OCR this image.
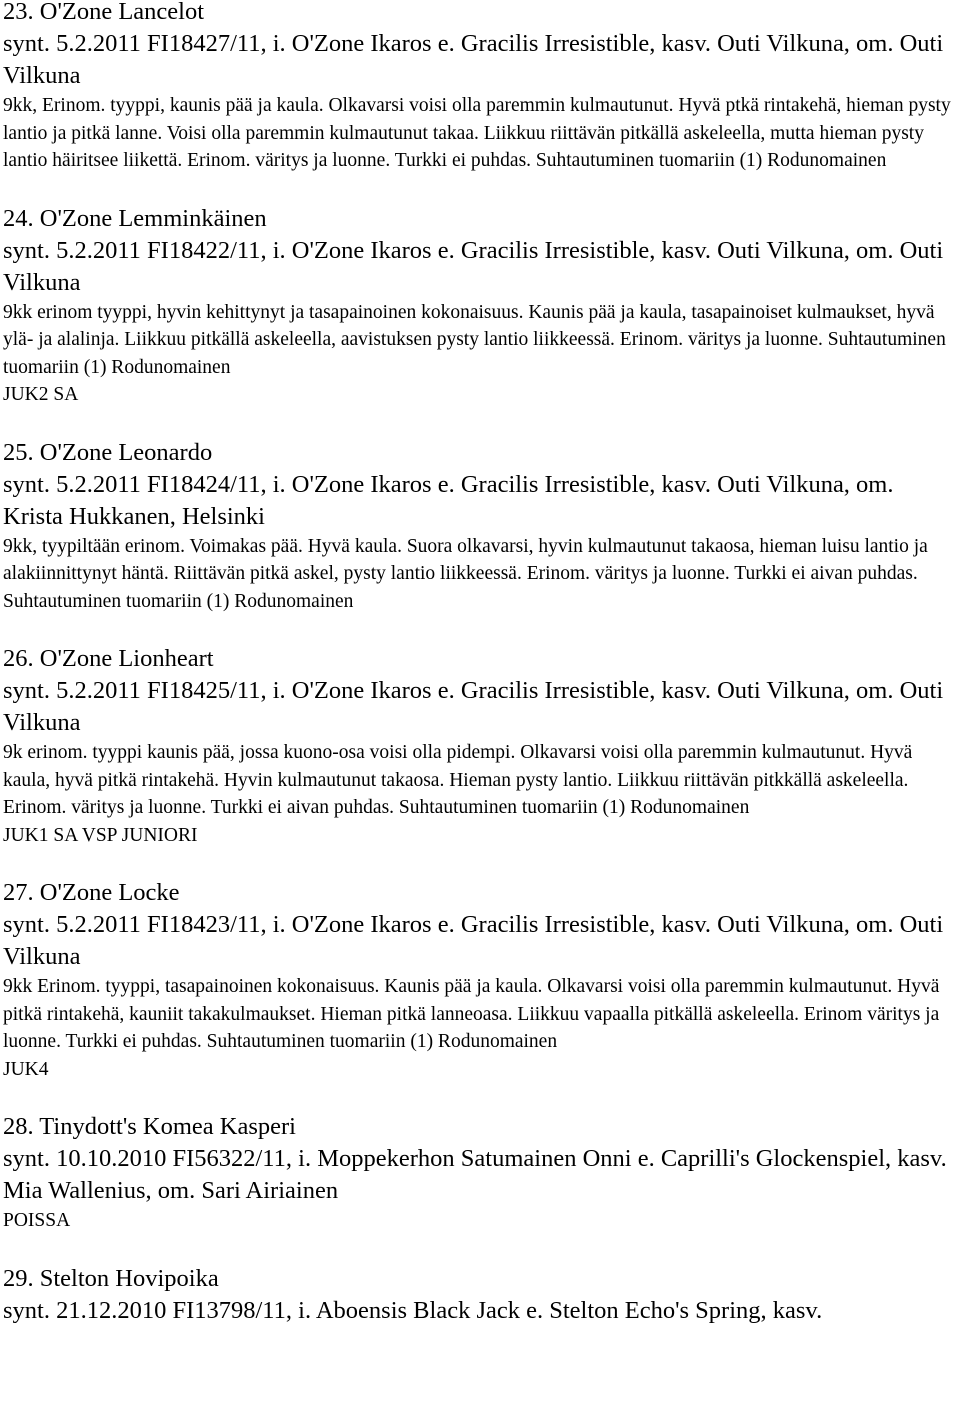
23. O'Zone Lancelot

synt. 5.2.2011 FI18427/11, i. O'Zone Ikaros e. Gracilis Irresistible, kasv. Outi Vilkuna, om. Outi Vilkuna

9kk, Erinom. tyyppi, kaunis pää ja kaula. Olkavarsi voisi olla paremmin kulmautunut. Hyvä ptkä rintakehä, hieman pysty lantio ja pitkä lanne. Voisi olla paremmin kulmautunut takaa. Liikkuu riittävän pitkällä askeleella, mutta hieman pysty lantio häiritsee liikettä. Erinom. väritys ja luonne. Turkki ei puhdas. Suhtautuminen tuomariin (1) Rodunomainen

24. O'Zone Lemminkäinen

synt. 5.2.2011 FI18422/11, i. O'Zone Ikaros e. Gracilis Irresistible, kasv. Outi Vilkuna, om. Outi Vilkuna

9kk erinom tyyppi, hyvin kehittynyt ja tasapainoinen kokonaisuus. Kaunis pää ja kaula, tasapainoiset kulmaukset, hyvä ylä- ja alalinja. Liikkuu pitkällä askeleella, aavistuksen pysty lantio liikkeessä. Erinom. väritys ja luonne. Suhtautuminen tuomariin (1) Rodunomainen

JUK2 SA

25. O'Zone Leonardo

synt. 5.2.2011 FI18424/11, i. O'Zone Ikaros e. Gracilis Irresistible, kasv. Outi Vilkuna, om. Krista Hukkanen, Helsinki

9kk, tyypiltään erinom. Voimakas pää. Hyvä kaula. Suora olkavarsi, hyvin kulmautunut takaosa, hieman luisu lantio ja alakiinnittynyt häntä. Riittävän pitkä askel, pysty lantio liikkeessä. Erinom. väritys ja luonne. Turkki ei aivan puhdas. Suhtautuminen tuomariin (1) Rodunomainen

26. O'Zone Lionheart

synt. 5.2.2011 FI18425/11, i. O'Zone Ikaros e. Gracilis Irresistible, kasv. Outi Vilkuna, om. Outi Vilkuna

9k erinom. tyyppi kaunis pää, jossa kuono-osa voisi olla pidempi. Olkavarsi voisi olla paremmin kulmautunut. Hyvä kaula, hyvä pitkä rintakehä. Hyvin kulmautunut takaosa. Hieman pysty lantio. Liikkuu riittävän pitkkällä askeleella. Erinom. väritys ja luonne. Turkki ei aivan puhdas. Suhtautuminen tuomariin (1) Rodunomainen

JUK1 SA VSP JUNIORI

27. O'Zone Locke

synt. 5.2.2011 FI18423/11, i. O'Zone Ikaros e. Gracilis Irresistible, kasv. Outi Vilkuna, om. Outi Vilkuna

9kk Erinom. tyyppi, tasapainoinen kokonaisuus. Kaunis pää ja kaula. Olkavarsi voisi olla paremmin kulmautunut. Hyvä pitkä rintakehä, kauniit takakulmaukset. Hieman pitkä lanneoasa. Liikkuu vapaalla pitkällä askeleella. Erinom väritys ja luonne. Turkki ei puhdas. Suhtautuminen tuomariin (1) Rodunomainen

JUK4

28. Tinydott's Komea Kasperi

synt. 10.10.2010 FI56322/11, i. Moppekerhon Satumainen Onni e. Caprilli's Glockenspiel, kasv. Mia Wallenius, om. Sari Airiainen

POISSA

29. Stelton Hovipoika

synt. 21.12.2010 FI13798/11, i. Aboensis Black Jack e. Stelton Echo's Spring, kasv.
